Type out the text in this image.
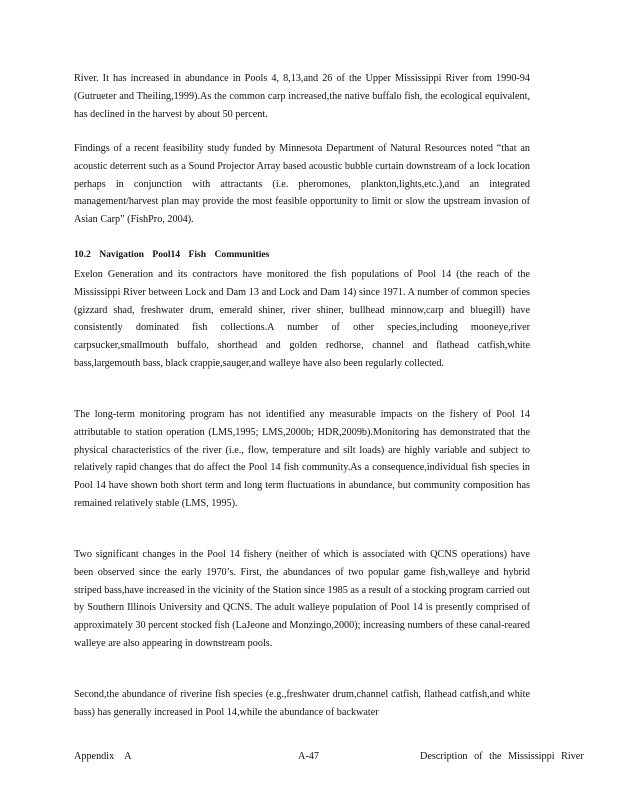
River. It has increased in abundance in Pools 4, 8,13,and 26 of the Upper Mississippi River from 1990-94 (Gutrueter and Theiling,1999).As the common carp increased,the native buffalo fish, the ecological equivalent, has declined in the harvest by about 50 percent.

Findings of a recent feasibility study funded by Minnesota Department of Natural Resources noted “that an acoustic deterrent such as a Sound Projector Array based acoustic bubble curtain downstream of a lock location perhaps in conjunction with attractants (i.e. pheromones, plankton,lights,etc.),and an integrated management/harvest plan may provide the most feasible opportunity to limit or slow the upstream invasion of Asian Carp” (FishPro, 2004).

10.2 Navigation Pool14 Fish Communities

Exelon Generation and its contractors have monitored the fish populations of Pool 14 (the reach of the Mississippi River between Lock and Dam 13 and Lock and Dam 14) since 1971. A number of common species (gizzard shad, freshwater drum, emerald shiner, river shiner, bullhead minnow,carp and bluegill) have consistently dominated fish collections.A number of other species,including mooneye,river carpsucker,smallmouth buffalo, shorthead and golden redhorse, channel and flathead catfish,white bass,largemouth bass, black crappie,sauger,and walleye have also been regularly collected.

The long-term monitoring program has not identified any measurable impacts on the fishery of Pool 14 attributable to station operation (LMS,1995; LMS,2000b; HDR,2009b).Monitoring has demonstrated that the physical characteristics of the river (i.e., flow, temperature and silt loads) are highly variable and subject to relatively rapid changes that do affect the Pool 14 fish community.As a consequence,individual fish species in Pool 14 have shown both short term and long term fluctuations in abundance, but community composition has remained relatively stable (LMS, 1995).

Two significant changes in the Pool 14 fishery (neither of which is associated with QCNS operations) have been observed since the early 1970’s. First, the abundances of two popular game fish,walleye and hybrid striped bass,have increased in the vicinity of the Station since 1985 as a result of a stocking program carried out by Southern Illinois University and QCNS. The adult walleye population of Pool 14 is presently comprised of approximately 30 percent stocked fish (LaJeone and Monzingo,2000); increasing numbers of these canal-reared walleye are also appearing in downstream pools.

Second,the abundance of riverine fish species (e.g.,freshwater drum,channel catfish, flathead catfish,and white bass) has generally increased in Pool 14,while the abundance of backwater

Appendix A	A-47	Description of the Mississippi River
